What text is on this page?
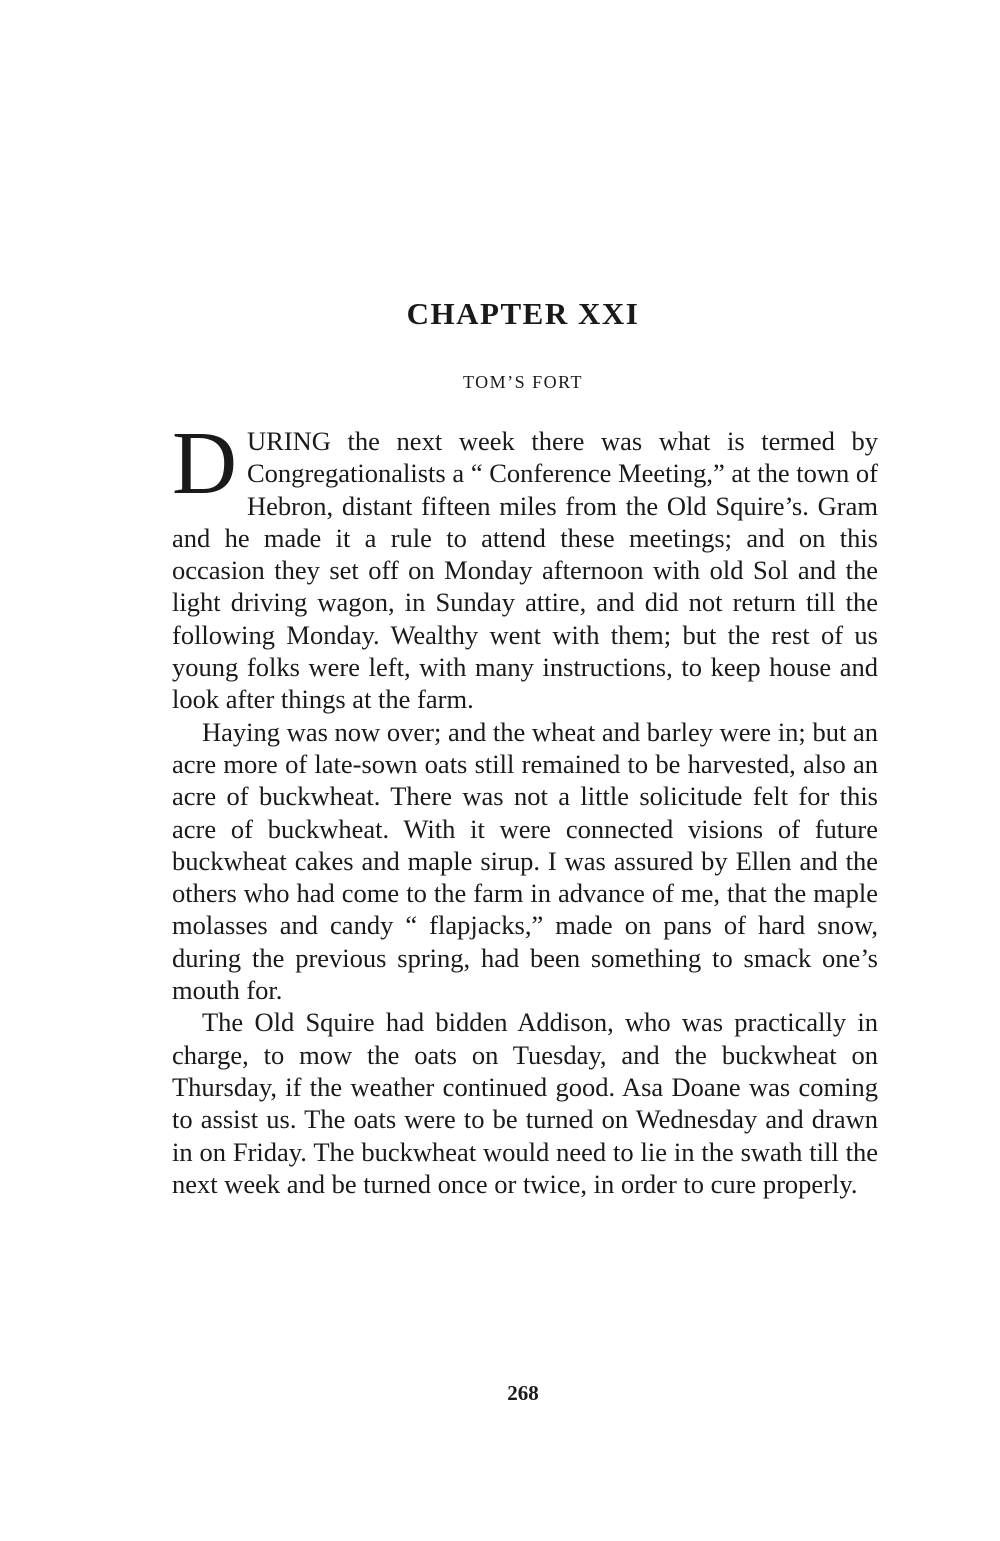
CHAPTER XXI
TOM’S FORT

DURING the next week there was what is termed by Congregationalists a “ Conference Meeting,” at the town of Hebron, distant fifteen miles from the Old Squire’s. Gram and he made it a rule to attend these meetings; and on this occasion they set off on Monday afternoon with old Sol and the light driving wagon, in Sunday attire, and did not return till the following Monday. Wealthy went with them; but the rest of us young folks were left, with many instructions, to keep house and look after things at the farm.

Haying was now over; and the wheat and barley were in; but an acre more of late-sown oats still remained to be harvested, also an acre of buckwheat. There was not a little solicitude felt for this acre of buckwheat. With it were connected visions of future buckwheat cakes and maple sirup. I was assured by Ellen and the others who had come to the farm in advance of me, that the maple molasses and candy “ flapjacks,” made on pans of hard snow, during the previous spring, had been something to smack one’s mouth for.

The Old Squire had bidden Addison, who was practically in charge, to mow the oats on Tuesday, and the buckwheat on Thursday, if the weather continued good. Asa Doane was coming to assist us. The oats were to be turned on Wednesday and drawn in on Friday. The buckwheat would need to lie in the swath till the next week and be turned once or twice, in order to cure properly.

268
